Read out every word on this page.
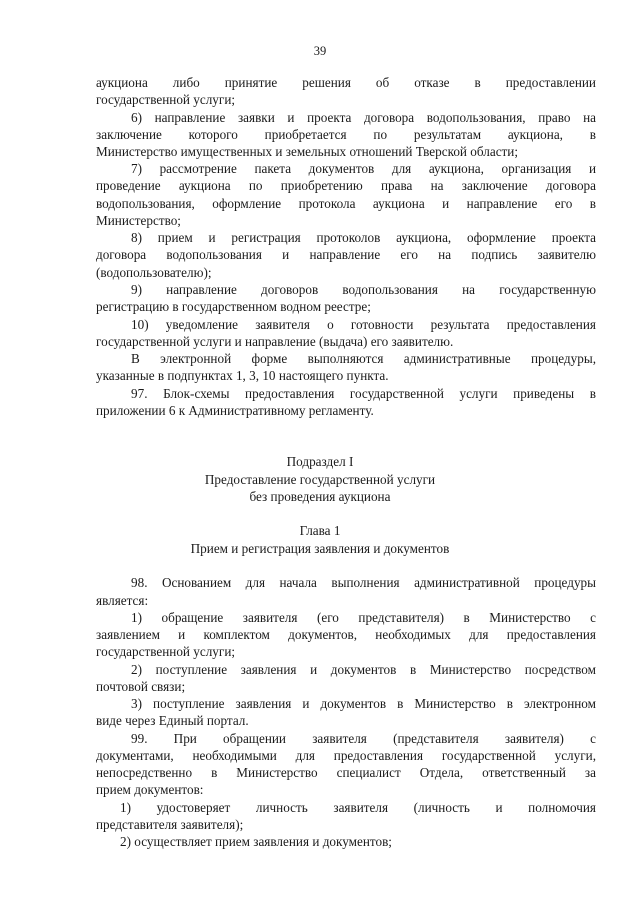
39
аукциона либо принятие решения об отказе в предоставлении
государственной услуги;
6) направление заявки и проекта договора водопользования, право на
заключение которого приобретается по результатам аукциона, в
Министерство имущественных и земельных отношений Тверской области;
7) рассмотрение пакета документов для аукциона, организация и
проведение аукциона по приобретению права на заключение договора
водопользования, оформление протокола аукциона и направление его в
Министерство;
8) прием и регистрация протоколов аукциона, оформление проекта
договора водопользования и направление его на подпись заявителю
(водопользователю);
9) направление договоров водопользования на государственную
регистрацию в государственном водном реестре;
10) уведомление заявителя о готовности результата предоставления
государственной услуги и направление (выдача) его заявителю.
В электронной форме выполняются административные процедуры,
указанные в подпунктах 1, 3, 10 настоящего пункта.
97. Блок-схемы предоставления государственной услуги приведены в
приложении 6 к Административному регламенту.
Подраздел I
Предоставление государственной услуги
без проведения аукциона
Глава 1
Прием и регистрация заявления и документов
98. Основанием для начала выполнения административной процедуры
является:
1) обращение заявителя (его представителя) в Министерство с
заявлением и комплектом документов, необходимых для предоставления
государственной услуги;
2) поступление заявления и документов в Министерство посредством
почтовой связи;
3) поступление заявления и документов в Министерство в электронном
виде через Единый портал.
99. При обращении заявителя (представителя заявителя) с
документами, необходимыми для предоставления государственной услуги,
непосредственно в Министерство специалист Отдела, ответственный за
прием документов:
1) удостоверяет личность заявителя (личность и полномочия
представителя заявителя);
2) осуществляет прием заявления и документов;
